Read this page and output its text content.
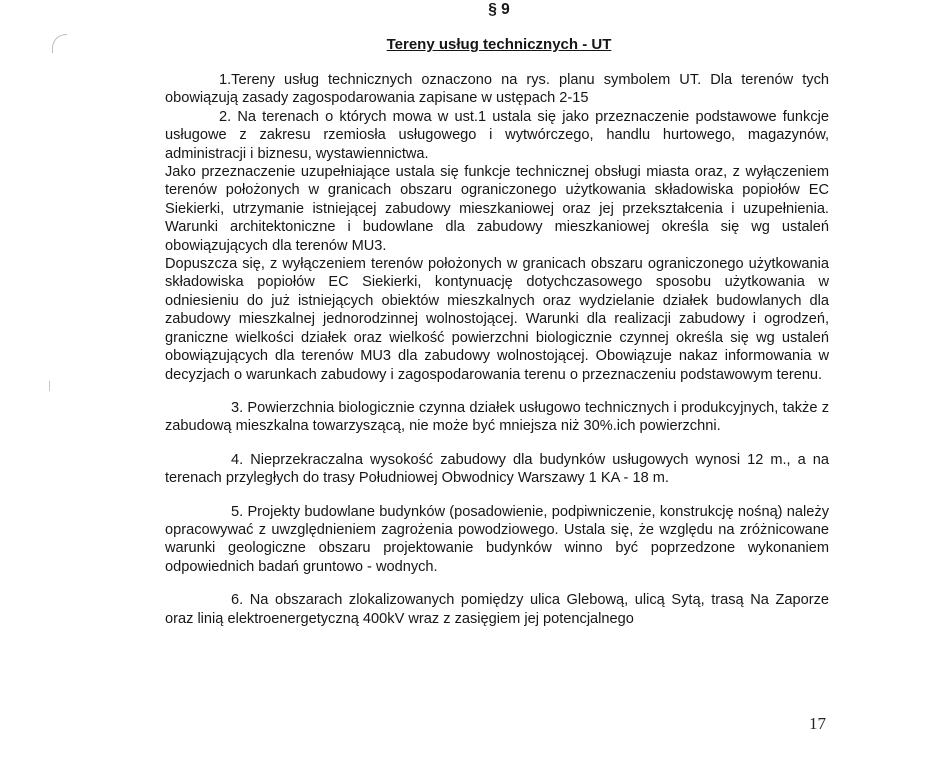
§ 9
Tereny usług technicznych - UT

1.Tereny usług technicznych oznaczono na rys. planu symbolem UT. Dla terenów tych obowiązują zasady zagospodarowania zapisane w ustępach 2-15

2. Na terenach o których mowa w ust.1 ustala się jako przeznaczenie podstawowe funkcje usługowe z zakresu rzemiosła usługowego i wytwórczego, handlu hurtowego, magazynów, administracji i biznesu, wystawiennictwa.

Jako przeznaczenie uzupełniające ustala się funkcje technicznej obsługi miasta oraz, z wyłączeniem terenów położonych w granicach obszaru ograniczonego użytkowania składowiska popiołów EC Siekierki, utrzymanie istniejącej zabudowy mieszkaniowej oraz jej przekształcenia i uzupełnienia. Warunki architektoniczne i budowlane dla zabudowy mieszkaniowej określa się wg ustaleń obowiązujących dla terenów MU3.

Dopuszcza się, z wyłączeniem terenów położonych w granicach obszaru ograniczonego użytkowania składowiska popiołów EC Siekierki, kontynuację dotychczasowego sposobu użytkowania w odniesieniu do już istniejących obiektów mieszkalnych oraz wydzielanie działek budowlanych dla zabudowy mieszkalnej jednorodzinnej wolnostojącej. Warunki dla realizacji zabudowy i ogrodzeń, graniczne wielkości działek oraz wielkość powierzchni biologicznie czynnej określa się wg ustaleń obowiązujących dla terenów MU3 dla zabudowy wolnostojącej. Obowiązuje nakaz informowania w decyzjach o warunkach zabudowy i zagospodarowania terenu o przeznaczeniu podstawowym terenu.

3. Powierzchnia biologicznie czynna działek usługowo technicznych i produkcyjnych, także z zabudową mieszkalna towarzyszącą, nie może być mniejsza niż 30%.ich powierzchni.

4. Nieprzekraczalna wysokość zabudowy dla budynków usługowych wynosi 12 m., a na terenach przyległych do trasy Południowej Obwodnicy Warszawy 1 KA - 18 m.

5. Projekty budowlane budynków (posadowienie, podpiwniczenie, konstrukcję nośną) należy opracowywać z uwzględnieniem zagrożenia powodziowego. Ustala się, że względu na zróżnicowane warunki geologiczne obszaru projektowanie budynków winno być poprzedzone wykonaniem odpowiednich badań gruntowo - wodnych.

6. Na obszarach zlokalizowanych pomiędzy ulica Glebową, ulicą Sytą, trasą Na Zaporze oraz linią elektroenergetyczną 400kV wraz z zasięgiem jej potencjalnego

17
